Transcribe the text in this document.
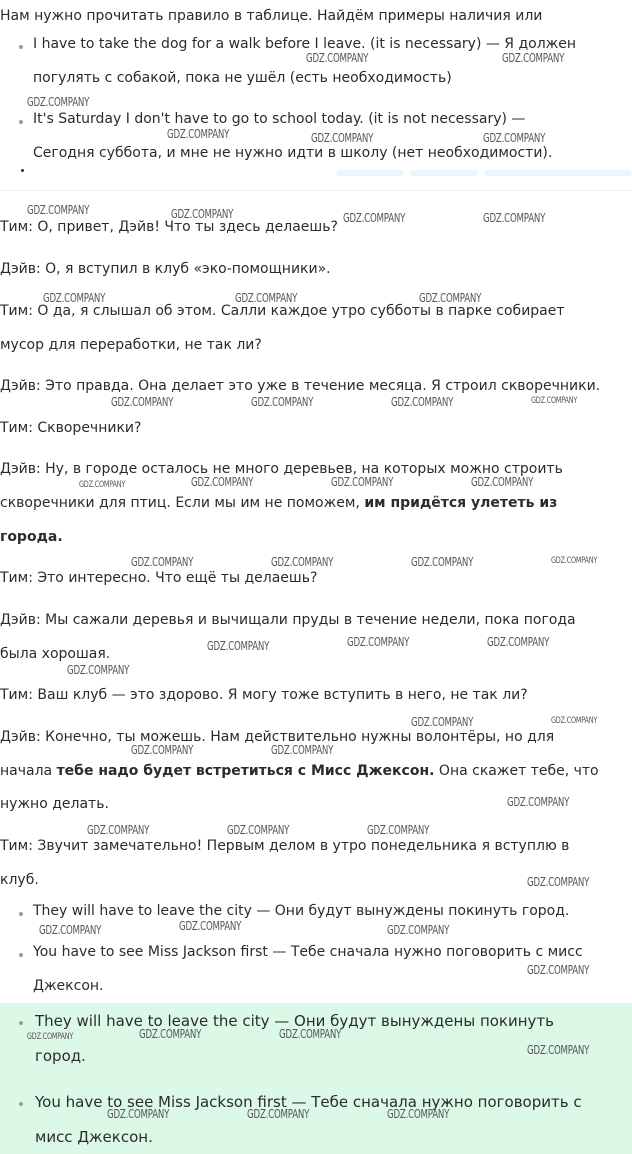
Нам нужно прочитать правило в таблице. Найдём примеры наличия или
I have to take the dog for a walk before I leave. (it is necessary) — Я должен
погулять с собакой, пока не ушёл (есть необходимость)
It's Saturday I don't have to go to school today. (it is not necessary) —
Сегодня суббота, и мне не нужно идти в школу (нет необходимости).
Тим: О, привет, Дэйв! Что ты здесь делаешь?
Дэйв: О, я вступил в клуб «эко-помощники».
Тим: О да, я слышал об этом. Салли каждое утро субботы в парке собирает
мусор для переработки, не так ли?
Дэйв: Это правда. Она делает это уже в течение месяца. Я строил скворечники.
Тим: Скворечники?
Дэйв: Ну, в городе осталось не много деревьев, на которых можно строить
скворечники для птиц. Если мы им не поможем, им придётся улететь из
города.
Тим: Это интересно. Что ещё ты делаешь?
Дэйв: Мы сажали деревья и вычищали пруды в течение недели, пока погода
была хорошая.
Тим: Ваш клуб — это здорово. Я могу тоже вступить в него, не так ли?
Дэйв: Конечно, ты можешь. Нам действительно нужны волонтёры, но для
начала тебе надо будет встретиться с Мисс Джексон. Она скажет тебе, что
нужно делать.
Тим: Звучит замечательно! Первым делом в утро понедельника я вступлю в
клуб.
They will have to leave the city — Они будут вынуждены покинуть город.
You have to see Miss Jackson first — Тебе сначала нужно поговорить с мисс
Джексон.
They will have to leave the city — Они будут вынуждены покинуть
город.
You have to see Miss Jackson first — Тебе сначала нужно поговорить с
мисс Джексон.
GDZ.COMPANY	GDZ.COMPANY
GDZ.COMPANY
GDZ.COMPANY	GDZ.COMPANY	GDZ.COMPANY
GDZ.COMPANY	GDZ.COMPANY	GDZ.COMPANY	GDZ.COMPANY
GDZ.COMPANY	GDZ.COMPANY	GDZ.COMPANY
GDZ.COMPANY	GDZ.COMPANY	GDZ.COMPANY	GDZ.COMPANY
GDZ.COMPANY	GDZ.COMPANY	GDZ.COMPANY	GDZ.COMPANY
GDZ.COMPANY	GDZ.COMPANY	GDZ.COMPANY	GDZ.COMPANY
GDZ.COMPANY	GDZ.COMPANY	GDZ.COMPANY
GDZ.COMPANY
GDZ.COMPANY	GDZ.COMPANY
GDZ.COMPANY	GDZ.COMPANY
GDZ.COMPANY
GDZ.COMPANY	GDZ.COMPANY	GDZ.COMPANY
GDZ.COMPANY
GDZ.COMPANY	GDZ.COMPANY	GDZ.COMPANY
GDZ.COMPANY
GDZ.COMPANY	GDZ.COMPANY	GDZ.COMPANY
GDZ.COMPANY
GDZ.COMPANY	GDZ.COMPANY	GDZ.COMPANY
